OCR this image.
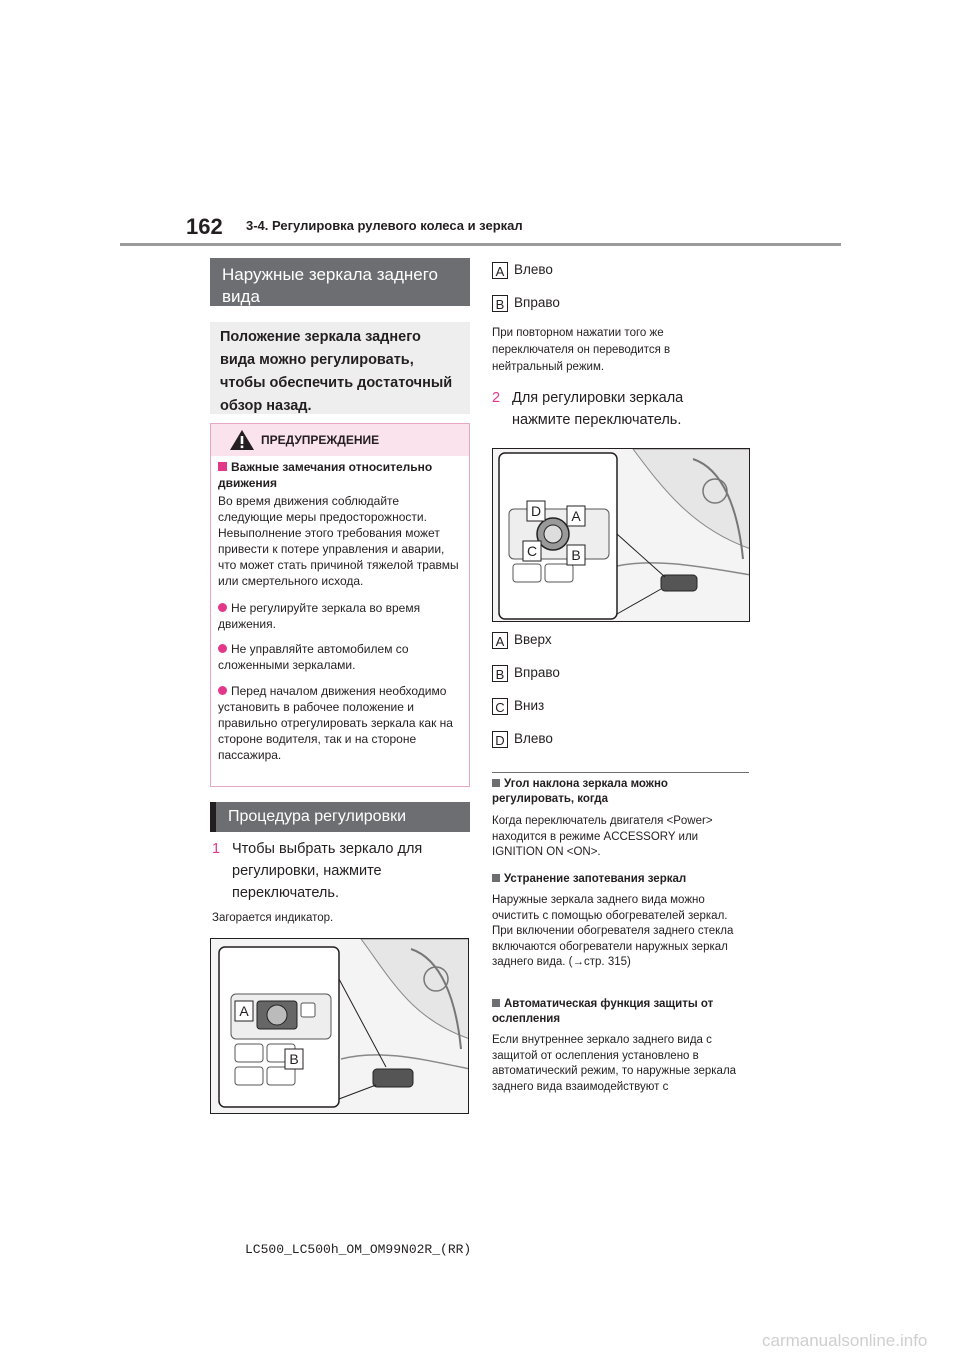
162 3-4. Регулировка рулевого колеса и зеркал
Наружные зеркала заднего вида
Положение зеркала заднего
вида можно регулировать,
чтобы обеспечить достаточный
обзор назад.
ПРЕДУПРЕЖДЕНИЕ
Важные замечания относительно движения
Во время движения соблюдайте следующие меры предосторожности. Невыполнение этого требования может привести к потере управления и аварии, что может стать причиной тяжелой травмы или смертельного исхода.
Не регулируйте зеркала во время движения.
Не управляйте автомобилем со сложенными зеркалами.
Перед началом движения необходимо установить в рабочее положение и правильно отрегулировать зеркала как на стороне водителя, так и на стороне пассажира.
Процедура регулировки
1 Чтобы выбрать зеркало для
регулировки, нажмите
переключатель.
Загорается индикатор.
A
B
A Влево
B Вправо
При повторном нажатии того же
переключателя он переводится в
нейтральный режим.
2 Для регулировки зеркала
нажмите переключатель.
D	A
C	B
A Вверх
B Вправо
C Вниз
D Влево
Угол наклона зеркала можно регулировать, когда
Когда переключатель двигателя <Power> находится в режиме ACCESSORY или IGNITION ON <ON>.
Устранение запотевания зеркал
Наружные зеркала заднего вида можно очистить с помощью обогревателей зеркал. При включении обогревателя заднего стекла включаются обогреватели наружных зеркал заднего вида. (→стр. 315)
Автоматическая функция защиты от ослепления
Если внутреннее зеркало заднего вида с защитой от ослепления установлено в автоматический режим, то наружные зеркала заднего вида взаимодействуют с
LC500_LC500h_OM_OM99N02R_(RR)
carmanualsonline.info
